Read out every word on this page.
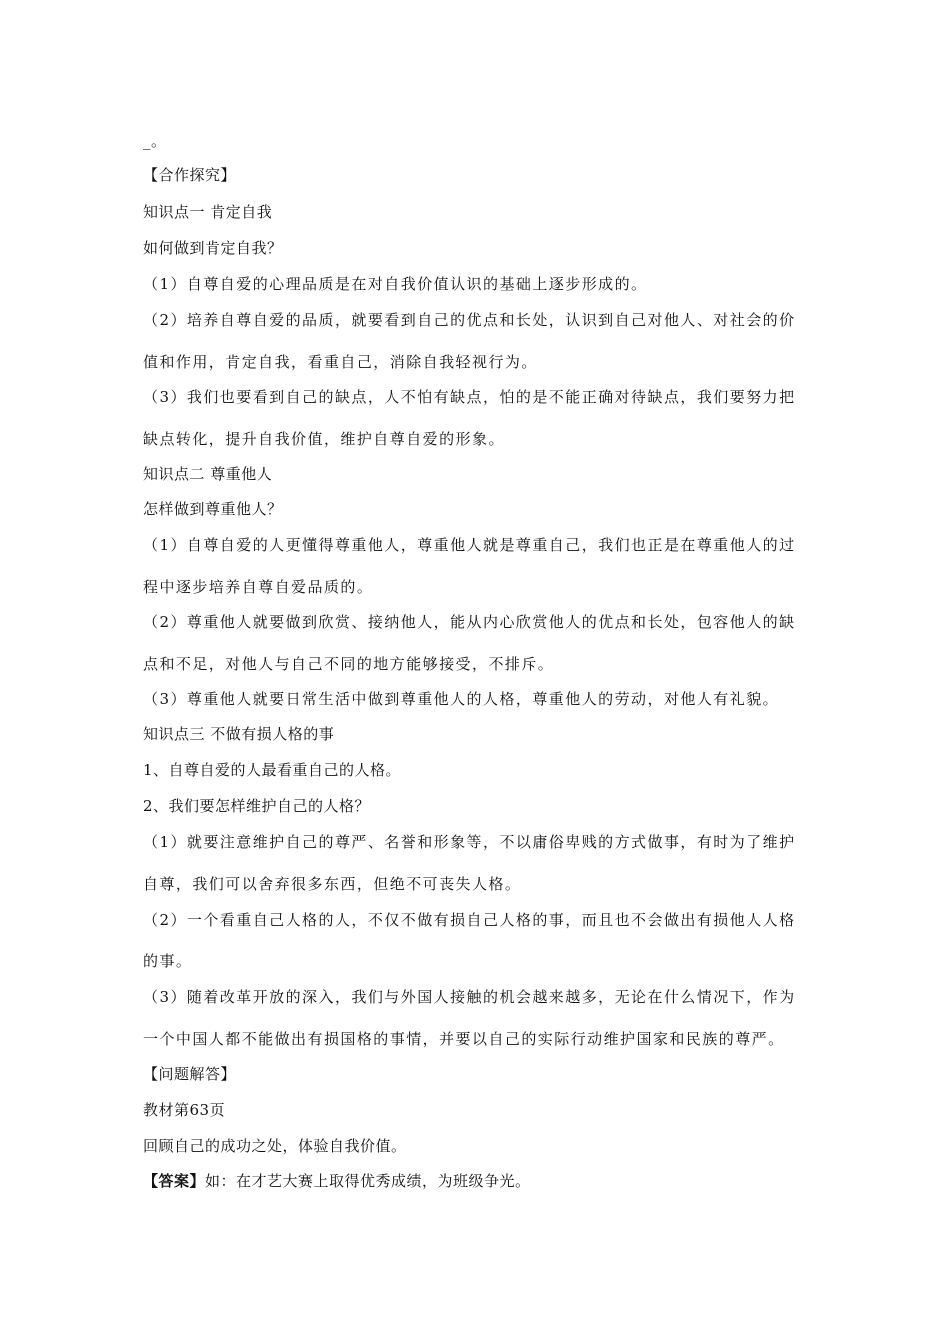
_。
【合作探究】
知识点一 肯定自我
如何做到肯定自我？
（1）自尊自爱的心理品质是在对自我价值认识的基础上逐步形成的。
（2）培养自尊自爱的品质，就要看到自己的优点和长处，认识到自己对他人、对社会的价
值和作用，肯定自我，看重自己，消除自我轻视行为。
（3）我们也要看到自己的缺点，人不怕有缺点，怕的是不能正确对待缺点，我们要努力把
缺点转化，提升自我价值，维护自尊自爱的形象。
知识点二 尊重他人
怎样做到尊重他人？
（1）自尊自爱的人更懂得尊重他人，尊重他人就是尊重自己，我们也正是在尊重他人的过
程中逐步培养自尊自爱品质的。
（2）尊重他人就要做到欣赏、接纳他人，能从内心欣赏他人的优点和长处，包容他人的缺
点和不足，对他人与自己不同的地方能够接受，不排斥。
（3）尊重他人就要日常生活中做到尊重他人的人格，尊重他人的劳动，对他人有礼貌。
知识点三 不做有损人格的事
1、自尊自爱的人最看重自己的人格。
2、我们要怎样维护自己的人格？
（1）就要注意维护自己的尊严、名誉和形象等，不以庸俗卑贱的方式做事，有时为了维护
自尊，我们可以舍弃很多东西，但绝不可丧失人格。
（2）一个看重自己人格的人，不仅不做有损自己人格的事，而且也不会做出有损他人人格
的事。
（3）随着改革开放的深入，我们与外国人接触的机会越来越多，无论在什么情况下，作为
一个中国人都不能做出有损国格的事情，并要以自己的实际行动维护国家和民族的尊严。
【问题解答】
教材第63页
回顾自己的成功之处，体验自我价值。
【答案】如：在才艺大赛上取得优秀成绩，为班级争光。
